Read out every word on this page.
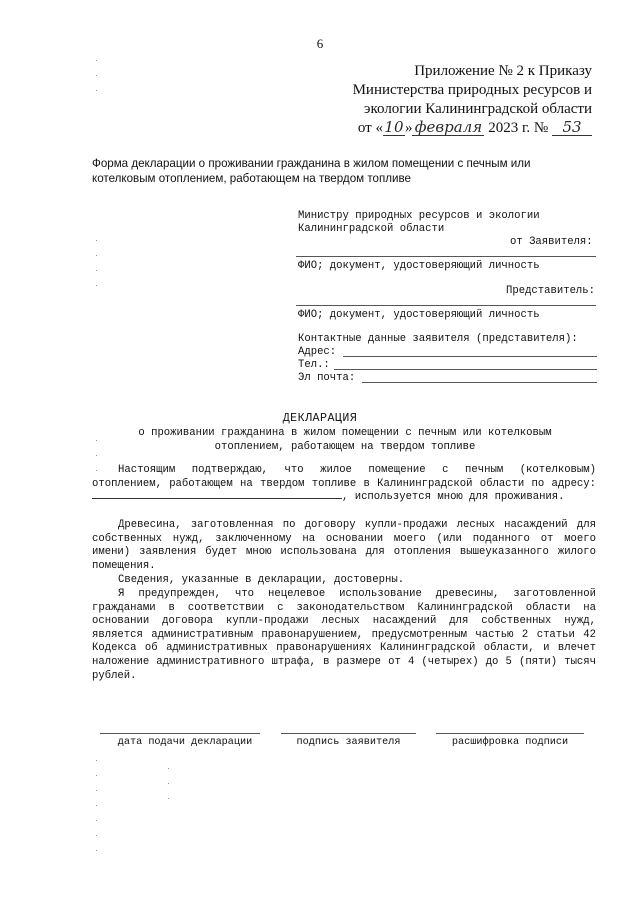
6
Приложение № 2 к Приказу
Министерства природных ресурсов и
экологии Калининградской области
от «10» февраля 2023 г. № 53
Форма декларации о проживании гражданина в жилом помещении с печным или котелковым отоплением, работающем на твердом топливе
Министру природных ресурсов и экологии
Калининградской области
от Заявителя:
ФИО; документ, удостоверяющий личность
Представитель:
ФИО; документ, удостоверяющий личность
Контактные данные заявителя (представителя):
Адрес:
Тел.:
Эл почта:
ДЕКЛАРАЦИЯ
о проживании гражданина в жилом помещении с печным или котелковым отоплением, работающем на твердом топливе
Настоящим подтверждаю, что жилое помещение с печным (котелковым) отоплением, работающем на твердом топливе в Калининградской области по адресу: , используется мною для проживания.
Древесина, заготовленная по договору купли-продажи лесных насаждений для собственных нужд, заключенному на основании моего (или поданного от моего имени) заявления будет мною использована для отопления вышеуказанного жилого помещения.
Сведения, указанные в декларации, достоверны.
Я предупрежден, что нецелевое использование древесины, заготовленной гражданами в соответствии с законодательством Калининградской области на основании договора купли-продажи лесных насаждений для собственных нужд, является административным правонарушением, предусмотренным частью 2 статьи 42 Кодекса об административных правонарушениях Калининградской области, и влечет наложение административного штрафа, в размере от 4 (четырех) до 5 (пяти) тысяч рублей.
дата подачи декларации	подпись заявителя	расшифровка подписи
